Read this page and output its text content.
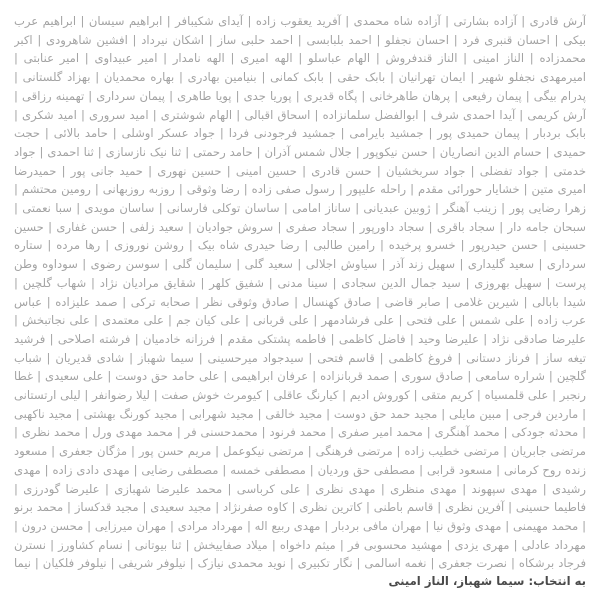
آرش قادری | آزاده بشارتی | آزاده شاه محمدی | آفرید یعقوب زاده | آیدای شکیبافر | ابراهیم سیسان | ابراهیم عرب بیکی | احسان قنبری فرد | احسان نجفلو | احمد بلبابسی | احمد حلبی ساز | اشکان نیرداد | افشین شاهرودی | اکبر محمدزاده | الناز امینی | الناز قندفروش | الهام عباسلو | الهه امیری | الهه نامدار | امیر عبیداوی | امیر عنابتی | امیرمهدی نجفلو شهیر | ایمان تهرانیان | بابک حقی | بابک کمانی | بنیامین بهادری | بهاره محمدیان | بهزاد گلستانی | پدرام بیگی | پیمان رفیعی | پرهان طاهرخانی | پگاه قدیری | پوریا جدی | پویا طاهری | پیمان سرداری | تهمینه رزاقی | آرش کریمی | آیدا احمدی شرف | ابوالفضل سلمانزاده | اسحاق اقبالی | الهام شوشتری | امید سروری | امید شکری | بابک بردبار | پیمان حمیدی پور | جمشید بایرامی | جمشید فرجودنی فردا | جواد عسکر اوشلی | حامد بالائی | حجت حمیدی | حسام الدین انصاریان | حسن نیکوپور | جلال شمس آذران | حامد رحمتی | ثنا نیک نازسازی | ثنا احمدی | جواد خدمتی | جواد تفضلی | جواد سربخشیان | حسن قادری | حسین امینی | حسین نهوری | حمید جانی پور | حمیدرضا امیری متین | خشایار حورائی مقدم | راحله علیپور | رسول صفی زاده | رضا وثوقی | روزبه روزبهانی | رومین محتشم | زهرا رضایی پور | زینب آهنگر | ژوبین عبدیانی | ساناز امامی | ساسان توکلی فارسانی | ساسان مویدی | سبا نعمتی | سبحان جامه دار | سجاد باقری | سجاد داورپور | سجاد صفری | سروش جوادیان | سعید زلفی | حسن غفاری | حسین حسینی | حسن حیدرپور | خسرو پرخیده | رامین طالبی | رضا حیدری شاه بیک | روشن نوروزی | رها مرده | ستاره سرداری | سعید گلیداری | سهیل زند آذر | سیاوش اجلالی | سعید گلی | سلیمان گلی | سوسن رضوی | سوداوه وطن پرست | سهیل بهروزی | سید جمال الدین سجادی | سینا مدنی | شفیق کلهر | شقایق مرادیان نژاد | شهاب گلچین | شیدا بابالی | شیرین غلامی | صابر قاضی | صادق کهنسال | صادق وثوقی نظر | صحابه ترکی | صمد علیزاده | عباس عرب زاده | علی شمس | علی فتحی | علی فرشادمهر | علی قربانی | علی کیان جم | علی معتمدی | علی نجاتبخش | علیرضا صادقی نژاد | علیرضا وحید | فاضل کاظمی | فاطمه پشتکی مقدم | فرزانه خادمیان | فرشته اصلاحی | فرشید تیغه ساز | فرناز دستانی | فروغ کاظمی | قاسم فتحی | سیدجواد میرحسینی | سیما شهباز | شادی قدیریان | شباب گلچین | شراره سامعی | صادق سوری | صمد قربانزاده | عرفان ابراهیمی | علی حامد حق دوست | علی سعیدی | غطا رنجبر | علی قلمسیاه | کریم متقی | کوروش ادیم | کیارنگ عاقلی | کیومرث خوش صفت | لیلا رضوانفر | لیلی ارتستانی | ماردین فرجی | مبین مایلی | مجید حمد حق دوست | مجید خالقی | مجید شهرابی | مجید کورنگ بهشتی | مجید ناکهبی | محدثه جودکی | محمد آهنگری | محمد امیر صفری | محمد فرنود | محمدحسنی فر | محمد مهدی ورل | محمد نظری | مرتضی جابریان | مرتضی خطیب زاده | مرتضی فرهنگی | مرتضی نیکوعمل | مریم حسن پور | مژگان جعفری | مسعود زنده روح کرمانی | مسعود قرابی | مصطفی حق وردیان | مصطفی خمسه | مصطفی رضایی | مهدی دادی زاده | مهدی رشیدی | مهدی سپهوند | مهدی منظری | مهدی نظری | علی کرباسی | محمد علیرضا شهبازی | علیرضا گودرزی | فاطیما حسینی | آفرین نظری | قاسم باطنی | کاترین نظری | کاوه صفرنژاد | مجید سعیدی | مجید قدکساز | محمد برنو | محمد مهیمنی | مهدی وثوق نیا | مهران مافی بردبار | مهدی ربیع اله | مهرداد مرادی | مهران میرزایی | محسن درون | مهرداد عادلی | مهری یزدی | مهشید محسوبی فر | میثم داخواه | میلاد صفاییخش | ثنا بیوتانی | نسام کشاورز | نسترن فرجاد برشکاه | نصرت جعفری | نغمه اسالمی | نگار تکبیری | نوید محمدی نیازک | نیلوفر شریفی | نیلوفر فلکیان | نیما

به انتخاب: سیما شهباز، الناز امینی
